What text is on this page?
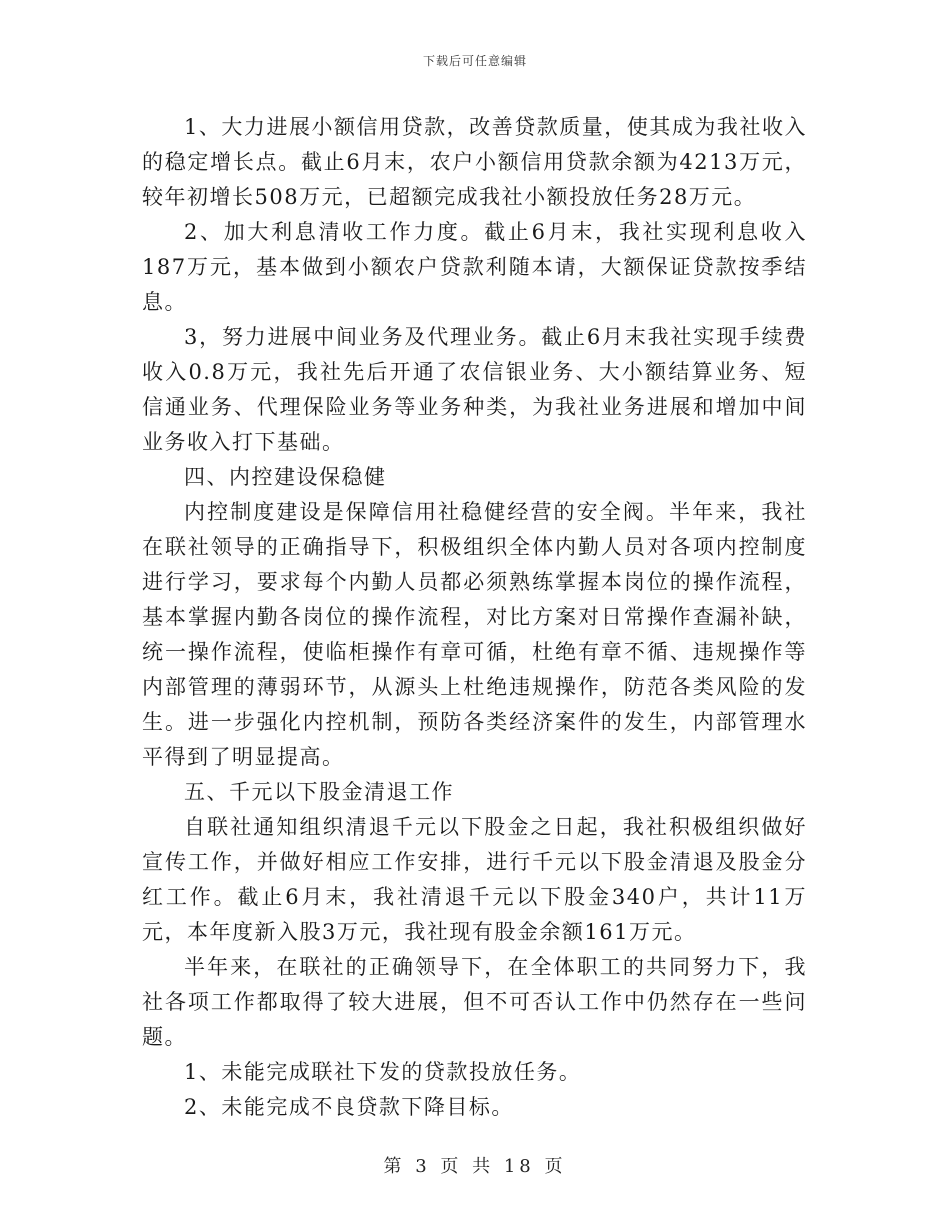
下载后可任意编辑

1、大力进展小额信用贷款，改善贷款质量，使其成为我社收入的稳定增长点。截止6月末，农户小额信用贷款余额为4213万元，较年初增长508万元，已超额完成我社小额投放任务28万元。

2、加大利息清收工作力度。截止6月末，我社实现利息收入187万元，基本做到小额农户贷款利随本请，大额保证贷款按季结息。

3，努力进展中间业务及代理业务。截止6月末我社实现手续费收入0.8万元，我社先后开通了农信银业务、大小额结算业务、短信通业务、代理保险业务等业务种类，为我社业务进展和增加中间业务收入打下基础。

四、内控建设保稳健

内控制度建设是保障信用社稳健经营的安全阀。半年来，我社在联社领导的正确指导下，积极组织全体内勤人员对各项内控制度进行学习，要求每个内勤人员都必须熟练掌握本岗位的操作流程，基本掌握内勤各岗位的操作流程，对比方案对日常操作查漏补缺，统一操作流程，使临柜操作有章可循，杜绝有章不循、违规操作等内部管理的薄弱环节，从源头上杜绝违规操作，防范各类风险的发生。进一步强化内控机制，预防各类经济案件的发生，内部管理水平得到了明显提高。

五、千元以下股金清退工作

自联社通知组织清退千元以下股金之日起，我社积极组织做好宣传工作，并做好相应工作安排，进行千元以下股金清退及股金分红工作。截止6月末，我社清退千元以下股金340户，共计11万元，本年度新入股3万元，我社现有股金余额161万元。

半年来，在联社的正确领导下，在全体职工的共同努力下，我社各项工作都取得了较大进展，但不可否认工作中仍然存在一些问题。

1、未能完成联社下发的贷款投放任务。

2、未能完成不良贷款下降目标。

第 3 页 共 18 页
